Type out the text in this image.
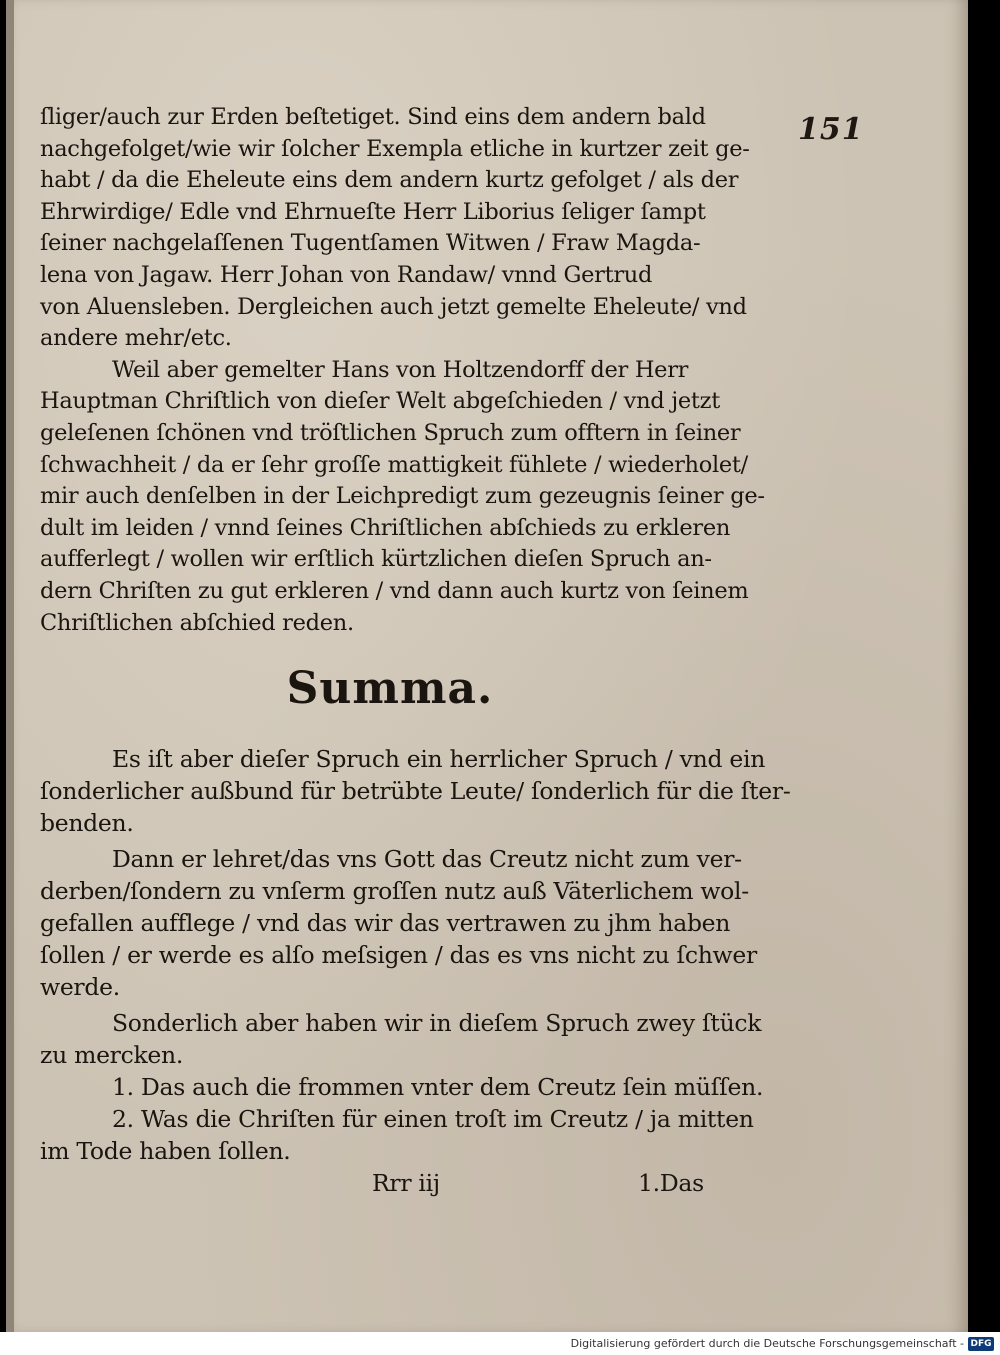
151
ſliger/auch zur Erden beſtetiget. Sind eins dem andern bald
nachgefolget/wie wir ſolcher Exempla etliche in kurtzer zeit ge-
habt / da die Eheleute eins dem andern kurtz gefolget / als der
Ehrwirdige/ Edle vnd Ehrnueſte Herr Liborius ſeliger ſampt
ſeiner nachgelaſſenen Tugentſamen Witwen / Fraw Magda-
lena von Jagaw. Herr Johan von Randaw/ vnnd Gertrud
von Aluensleben. Dergleichen auch jetzt gemelte Eheleute/ vnd
andere mehr/etc.
Weil aber gemelter Hans von Holtzendorff der Herr
Hauptman Chriſtlich von dieſer Welt abgeſchieden / vnd jetzt
geleſenen ſchönen vnd tröſtlichen Spruch zum offtern in ſeiner
ſchwachheit / da er ſehr groſſe mattigkeit fühlete / wiederholet/
mir auch denſelben in der Leichpredigt zum gezeugnis ſeiner ge-
dult im leiden / vnnd ſeines Chriſtlichen abſchieds zu erkleren
aufferlegt / wollen wir erſtlich kürtzlichen dieſen Spruch an-
dern Chriſten zu gut erkleren / vnd dann auch kurtz von ſeinem
Chriſtlichen abſchied reden.
Summa.
Es iſt aber dieſer Spruch ein herrlicher Spruch / vnd ein
ſonderlicher außbund für betrübte Leute/ ſonderlich für die ſter-
benden.
Dann er lehret/das vns Gott das Creutz nicht zum ver-
derben/ſondern zu vnſerm groſſen nutz auß Väterlichem wol-
gefallen aufflege / vnd das wir das vertrawen zu jhm haben
ſollen / er werde es alſo meſsigen / das es vns nicht zu ſchwer
werde.
Sonderlich aber haben wir in dieſem Spruch zwey ſtück
zu mercken.
1. Das auch die frommen vnter dem Creutz ſein müſſen.
2. Was die Chriſten für einen troſt im Creutz / ja mitten
im Tode haben ſollen.
Rrr iij	1.Das
Digitalisierung gefördert durch die Deutsche Forschungsgemeinschaft - DFG
